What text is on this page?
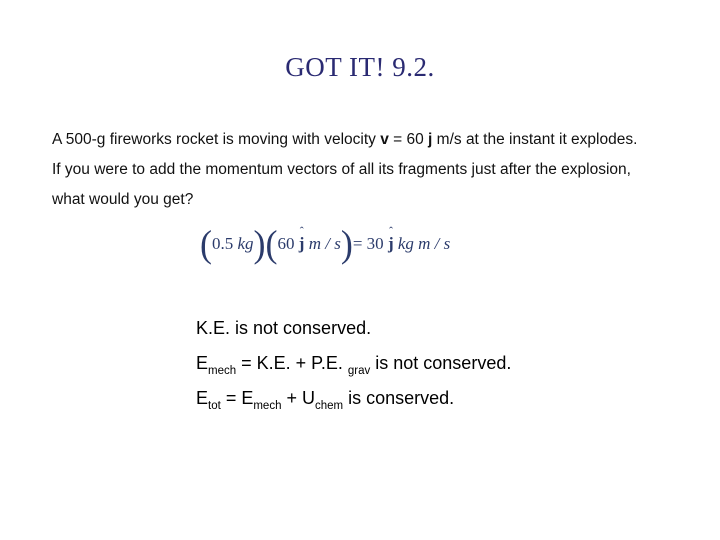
GOT IT! 9.2.

A 500-g fireworks rocket is moving with velocity v = 60 j m/s at the instant it explodes.

If you were to add the momentum vectors of all its fragments just after the explosion,

what would you get?

( 0.5
kg ) ( 60
ˆ j
m / s ) = 30
ˆ j
kg m / s
K.E. is not conserved.
$E_{mech} = K.E$. + P.E. $_{grav}$ is not conserved.
$E_{tot} = E_{mech} + U_{chem}$ is conserved.
